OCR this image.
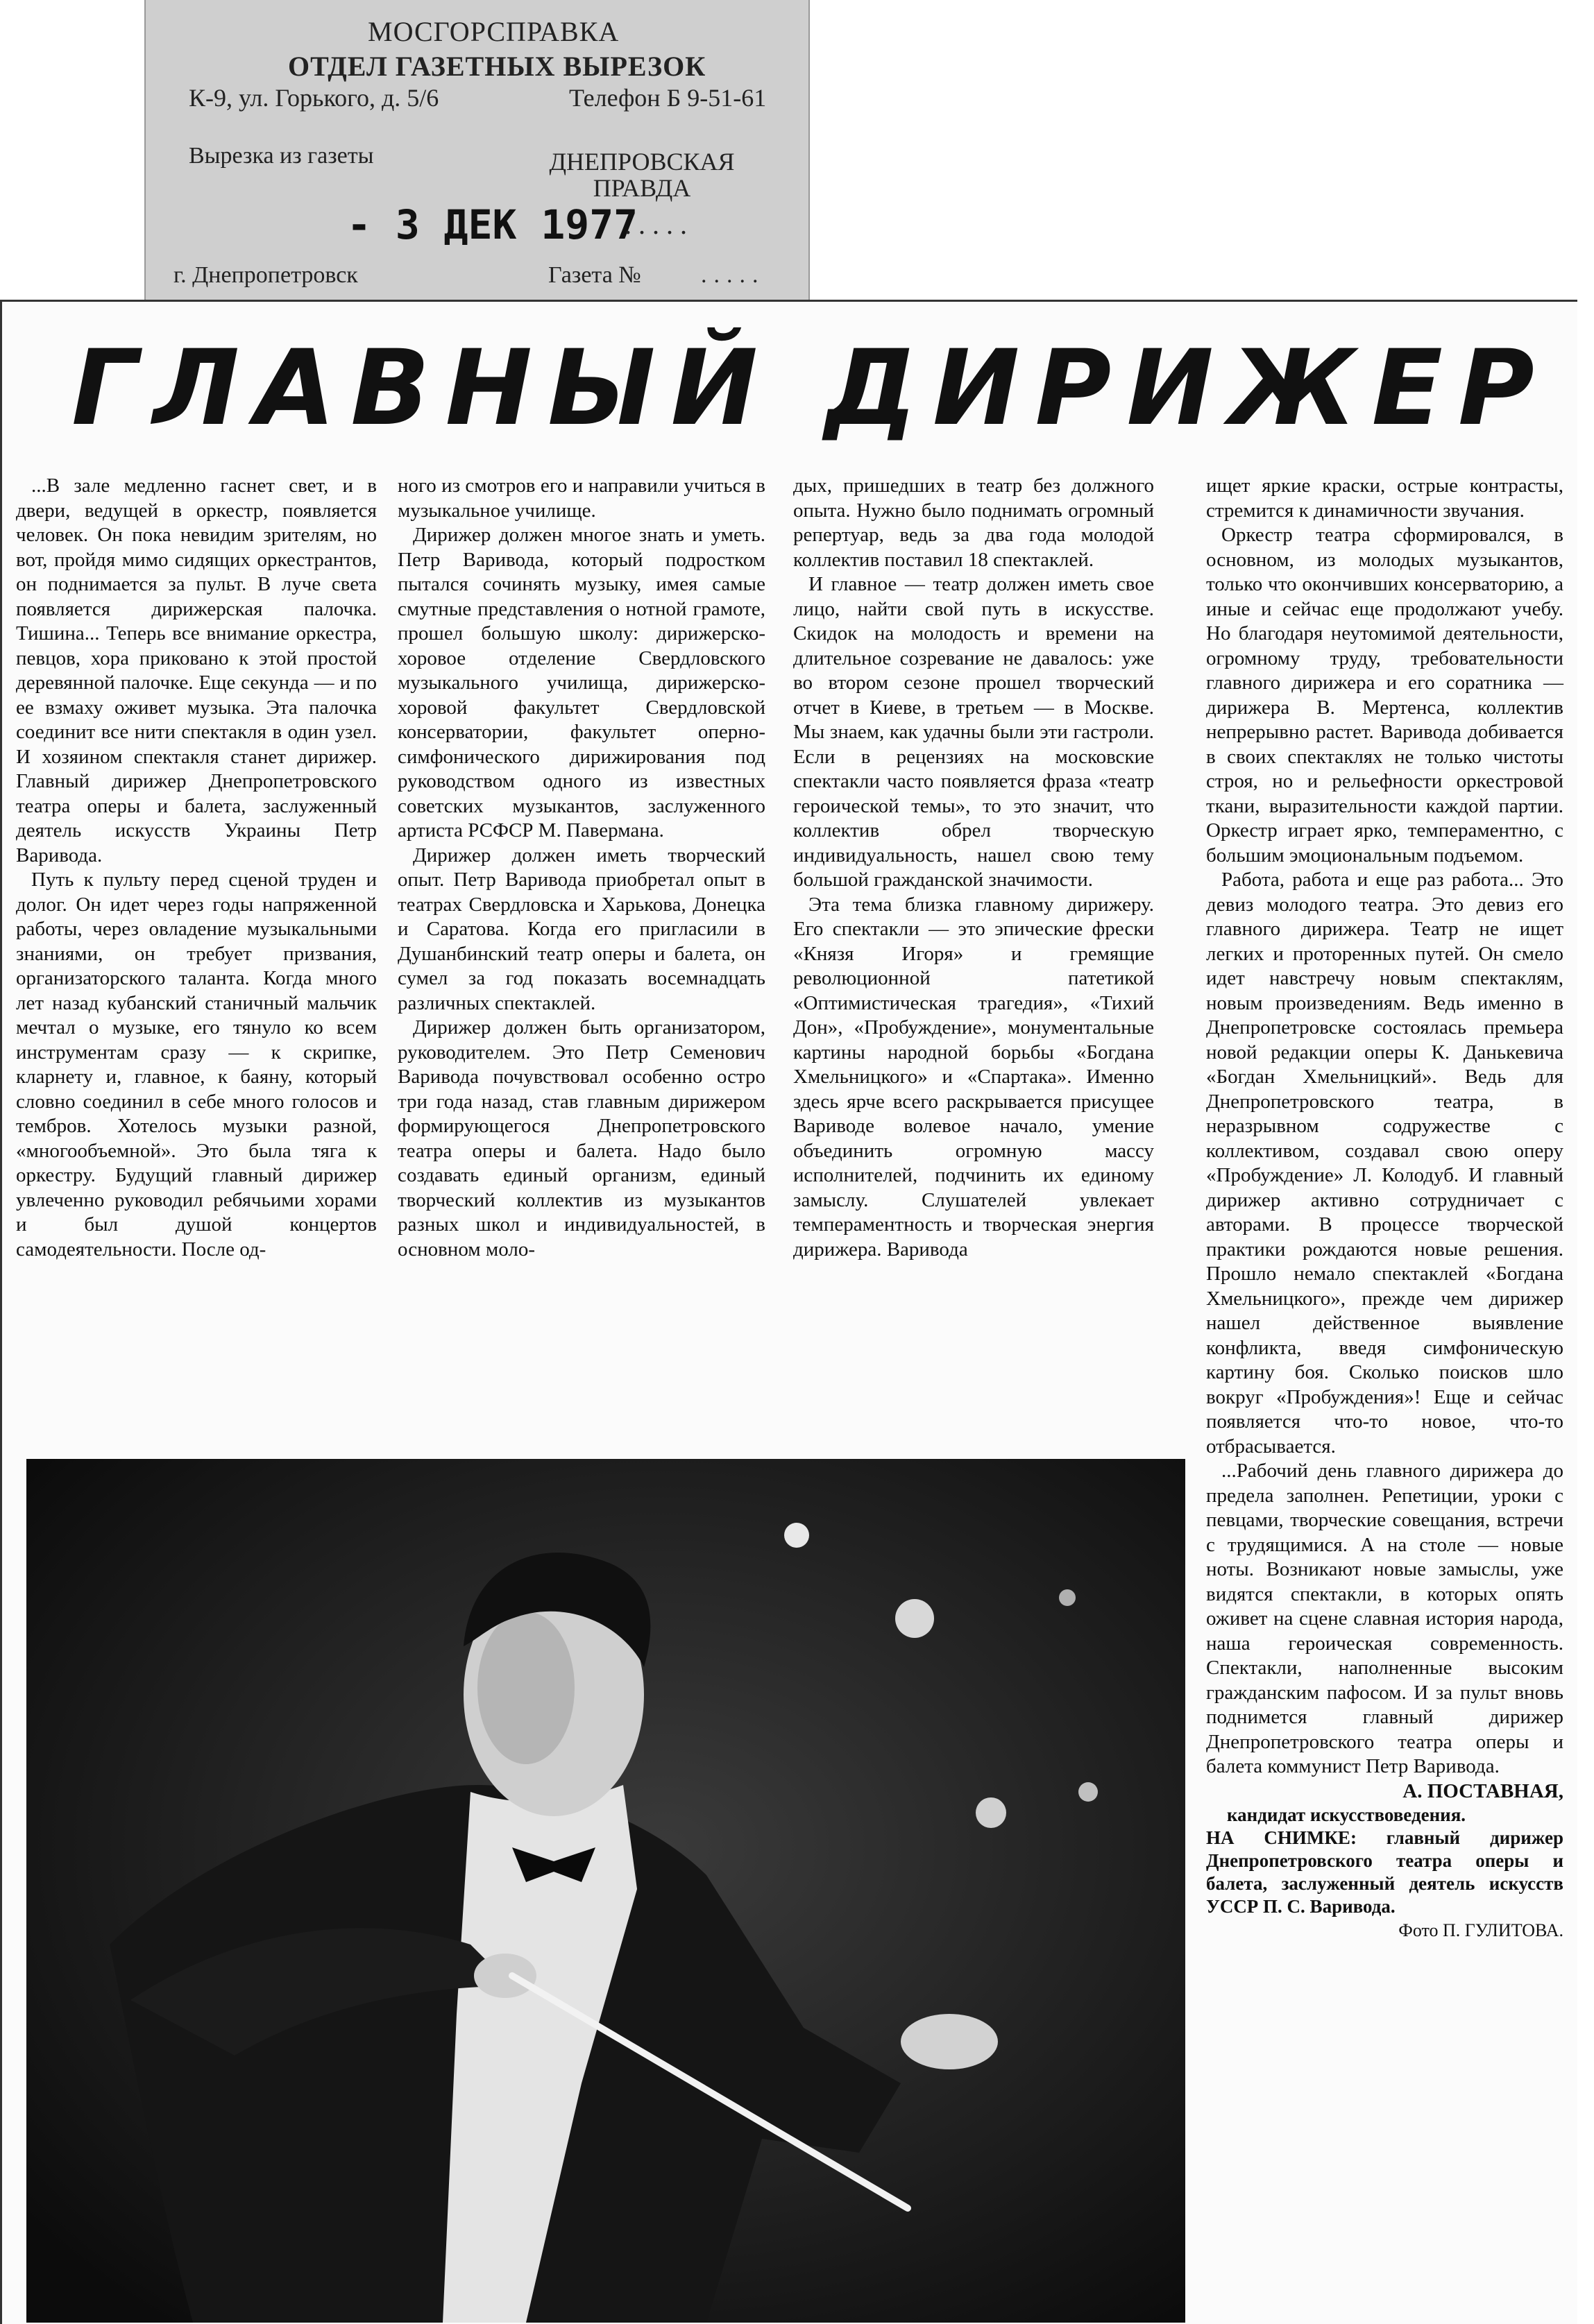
МОСГОРСПРАВКА
ОТДЕЛ ГАЗЕТНЫХ ВЫРЕЗОК
К-9, ул. Горького, д. 5/6	Телефон Б 9-51-61
Вырезка из газеты	ДНЕПРОВСКАЯ ПРАВДА
- 3 ДЕК 1977
.....
г. Днепропетровск	Газета №	.....
ГЛАВНЫЙ ДИРИЖЕР

...В зале медленно гаснет свет, и в двери, ведущей в оркестр, появляется человек. Он пока невидим зрителям, но вот, пройдя мимо сидящих оркестрантов, он поднимается за пульт. В луче света появляется дирижерская палочка. Тишина... Теперь все внимание оркестра, певцов, хора приковано к этой простой деревянной палочке. Еще секунда — и по ее взмаху оживет музыка. Эта палочка соединит все нити спектакля в один узел. И хозяином спектакля станет дирижер. Главный дирижер Днепропетровского театра оперы и балета, заслуженный деятель искусств Украины Петр Варивода.

Путь к пульту перед сценой труден и долог. Он идет через годы напряженной работы, через овладение музыкальными знаниями, он требует призвания, организаторского таланта. Когда много лет назад кубанский станичный мальчик мечтал о музыке, его тянуло ко всем инструментам сразу — к скрипке, кларнету и, главное, к баяну, который словно соединил в себе много голосов и тембров. Хотелось музыки разной, «многообъемной». Это была тяга к оркестру. Будущий главный дирижер увлеченно руководил ребячьими хорами и был душой концертов самодеятельности. После од-

ного из смотров его и направили учиться в музыкальное училище.

Дирижер должен многое знать и уметь. Петр Варивода, который подростком пытался сочинять музыку, имея самые смутные представления о нотной грамоте, прошел большую школу: дирижерско-хоровое отделение Свердловского музыкального училища, дирижерско-хоровой факультет Свердловской консерватории, факультет оперно-симфонического дирижирования под руководством одного из известных советских музыкантов, заслуженного артиста РСФСР М. Павермана.

Дирижер должен иметь творческий опыт. Петр Варивода приобретал опыт в театрах Свердловска и Харькова, Донецка и Саратова. Когда его пригласили в Душанбинский театр оперы и балета, он сумел за год показать восемнадцать различных спектаклей.

Дирижер должен быть организатором, руководителем. Это Петр Семенович Варивода почувствовал особенно остро три года назад, став главным дирижером формирующегося Днепропетровского театра оперы и балета. Надо было создавать единый организм, единый творческий коллектив из музыкантов разных школ и индивидуальностей, в основном моло-

дых, пришедших в театр без должного опыта. Нужно было поднимать огромный репертуар, ведь за два года молодой коллектив поставил 18 спектаклей.

И главное — театр должен иметь свое лицо, найти свой путь в искусстве. Скидок на молодость и времени на длительное созревание не давалось: уже во втором сезоне прошел творческий отчет в Киеве, в третьем — в Москве. Мы знаем, как удачны были эти гастроли. Если в рецензиях на московские спектакли часто появляется фраза «театр героической темы», то это значит, что коллектив обрел творческую индивидуальность, нашел свою тему большой гражданской значимости.

Эта тема близка главному дирижеру. Его спектакли — это эпические фрески «Князя Игоря» и гремящие революционной патетикой «Оптимистическая трагедия», «Тихий Дон», «Пробуждение», монументальные картины народной борьбы «Богдана Хмельницкого» и «Спартака». Именно здесь ярче всего раскрывается присущее Вариводе волевое начало, умение объединить огромную массу исполнителей, подчинить их единому замыслу. Слушателей увлекает темпераментность и творческая энергия дирижера. Варивода

ищет яркие краски, острые контрасты, стремится к динамичности звучания.

Оркестр театра сформировался, в основном, из молодых музыкантов, только что окончивших консерваторию, а иные и сейчас еще продолжают учебу. Но благодаря неутомимой деятельности, огромному труду, требовательности главного дирижера и его соратника — дирижера В. Мертенса, коллектив непрерывно растет. Варивода добивается в своих спектаклях не только чистоты строя, но и рельефности оркестровой ткани, выразительности каждой партии. Оркестр играет ярко, темпераментно, с большим эмоциональным подъемом.

Работа, работа и еще раз работа... Это девиз молодого театра. Это девиз его главного дирижера. Театр не ищет легких и проторенных путей. Он смело идет навстречу новым спектаклям, новым произведениям. Ведь именно в Днепропетровске состоялась премьера новой редакции оперы К. Данькевича «Богдан Хмельницкий». Ведь для Днепропетровского театра, в неразрывном содружестве с коллективом, создавал свою оперу «Пробуждение» Л. Колодуб. И главный дирижер активно сотрудничает с авторами. В процессе творческой практики рождаются новые решения. Прошло немало спектаклей «Богдана Хмельницкого», прежде чем дирижер нашел действенное выявление конфликта, введя симфоническую картину боя. Сколько поисков шло вокруг «Пробуждения»! Еще и сейчас появляется что-то новое, что-то отбрасывается.

...Рабочий день главного дирижера до предела заполнен. Репетиции, уроки с певцами, творческие совещания, встречи с трудящимися. А на столе — новые ноты. Возникают новые замыслы, уже видятся спектакли, в которых опять оживет на сцене славная история народа, наша героическая современность. Спектакли, наполненные высоким гражданским пафосом. И за пульт вновь поднимется главный дирижер Днепропетровского театра оперы и балета коммунист Петр Варивода.

А. ПОСТАВНАЯ,

кандидат искусствоведения.

НА СНИМКЕ: главный дирижер Днепропетровского театра оперы и балета, заслуженный деятель искусств УССР П. С. Варивода.

Фото П. ГУЛИТОВА.
